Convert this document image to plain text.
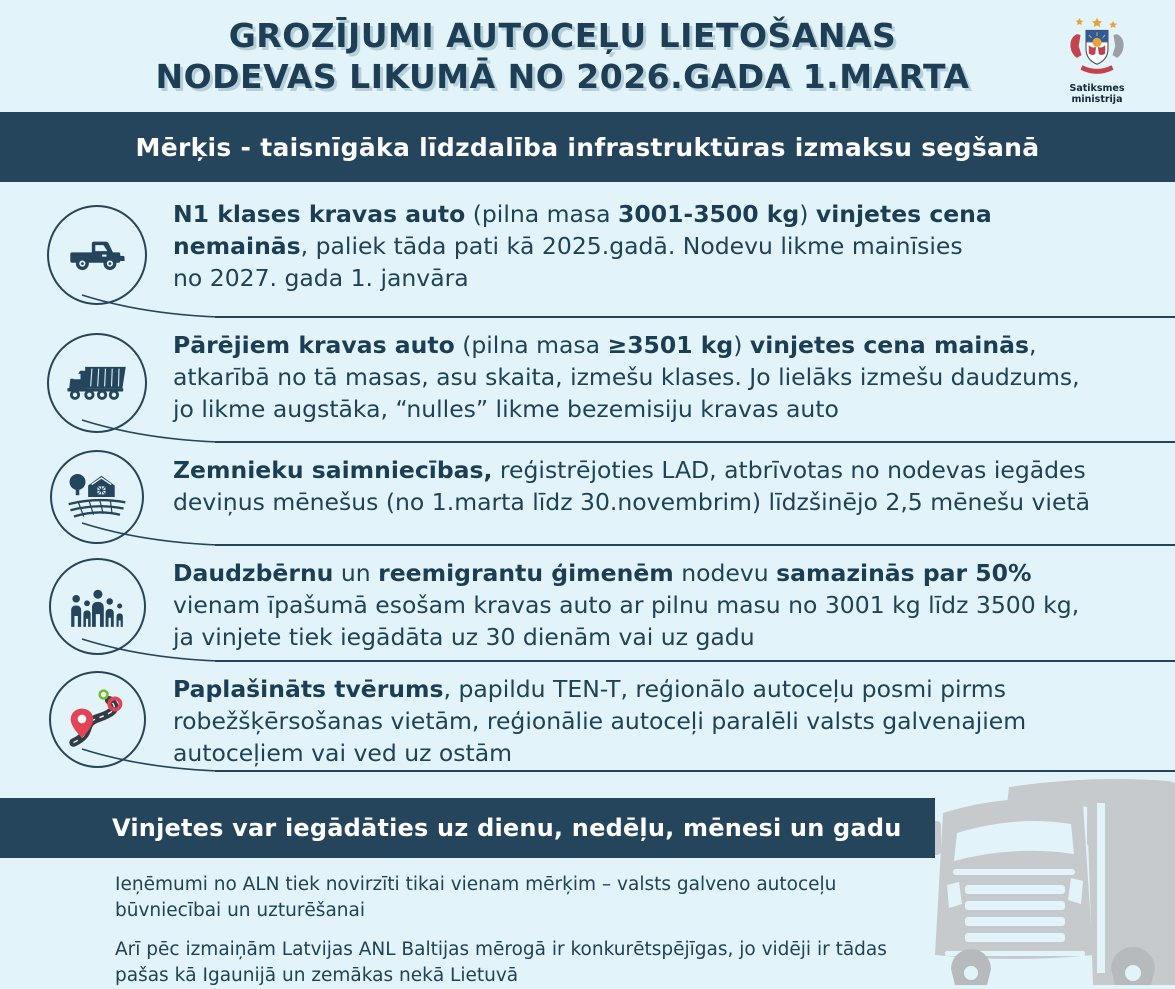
GROZĪJUMI AUTOCEĻU LIETOŠANAS
NODEVAS LIKUMĀ NO 2026.GADA 1.MARTA	Satiksmes ministrija
Mērķis - taisnīgāka līdzdalība infrastruktūras izmaksu segšanā
N1 klases kravas auto (pilna masa 3001-3500 kg) vinjetes cena
nemainās, paliek tāda pati kā 2025.gadā. Nodevu likme mainīsies
no 2027. gada 1. janvāra
Pārējiem kravas auto (pilna masa ≥3501 kg) vinjetes cena mainās,
atkarībā no tā masas, asu skaita, izmešu klases. Jo lielāks izmešu daudzums,
jo likme augstāka, “nulles” likme bezemisiju kravas auto
Zemnieku saimniecības, reģistrējoties LAD, atbrīvotas no nodevas iegādes
deviņus mēnešus (no 1.marta līdz 30.novembrim) līdzšinējo 2,5 mēnešu vietā
Daudzbērnu un reemigrantu ģimenēm nodevu samazinās par 50%
vienam īpašumā esošam kravas auto ar pilnu masu no 3001 kg līdz 3500 kg,
ja vinjete tiek iegādāta uz 30 dienām vai uz gadu
Paplašināts tvērums, papildu TEN-T, reģionālo autoceļu posmi pirms
robežšķērsošanas vietām, reģionālie autoceļi paralēli valsts galvenajiem
autoceļiem vai ved uz ostām
Vinjetes var iegādāties uz dienu, nedēļu, mēnesi un gadu
Ieņēmumi no ALN tiek novirzīti tikai vienam mērķim – valsts galveno autoceļu
būvniecībai un uzturēšanai
Arī pēc izmaiņām Latvijas ANL Baltijas mērogā ir konkurētspējīgas, jo vidēji ir tādas
pašas kā Igaunijā un zemākas nekā Lietuvā
